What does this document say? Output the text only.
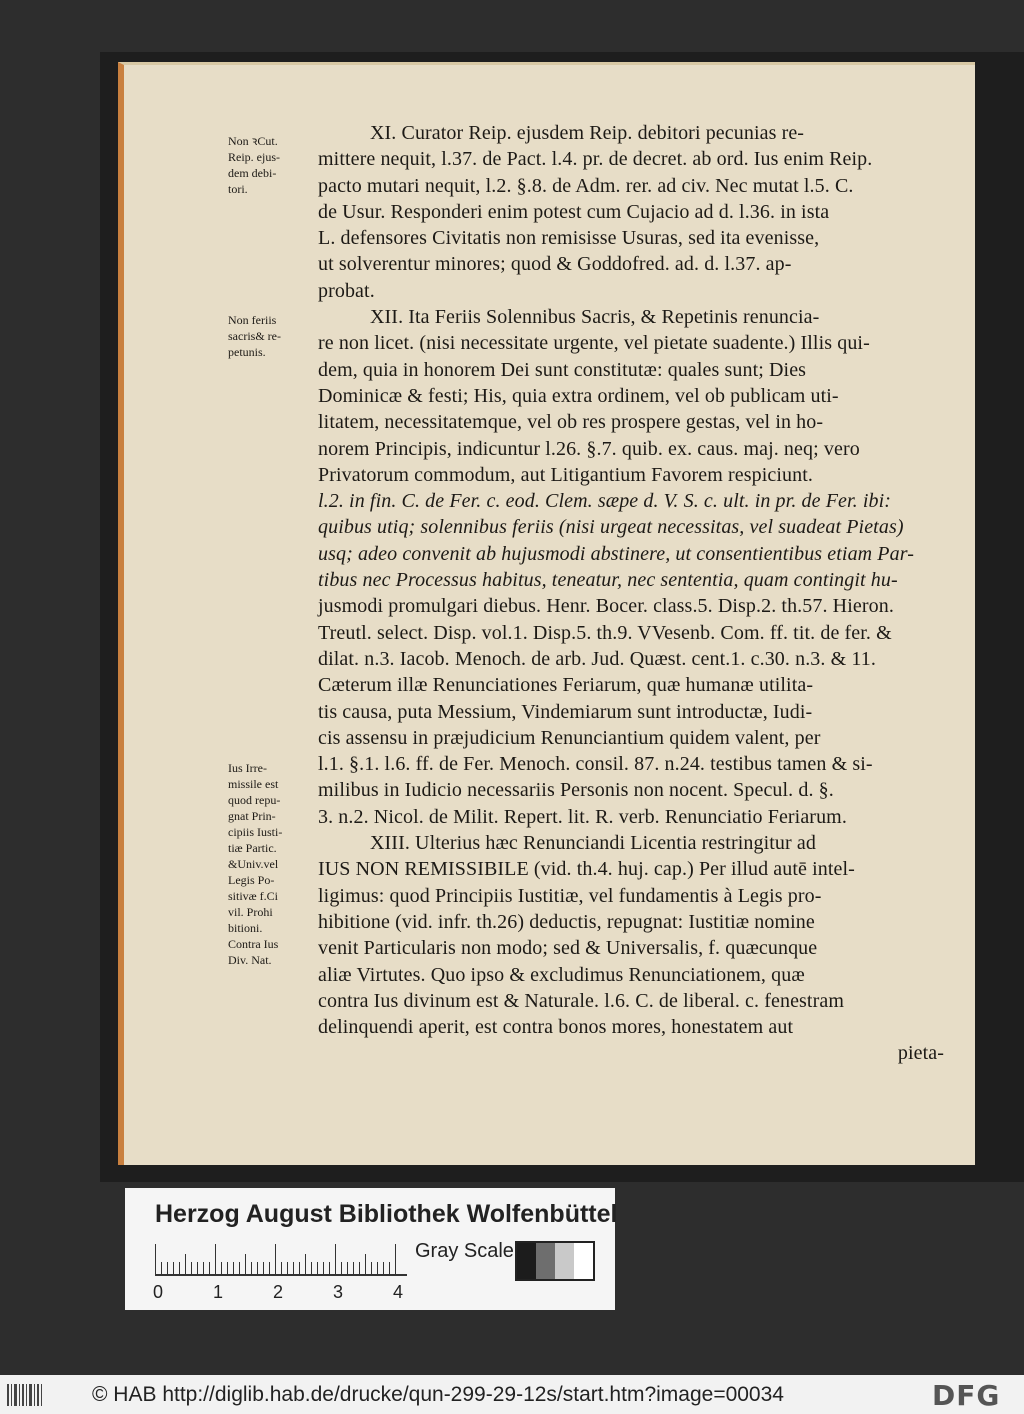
Non ꝛCut.
Reip. ejus-
dem debi-
tori.
Non feriis
sacris& re-
petunis.
Ius Irre-
missile est
quod repu-
gnat Prin-
cipiis Iusti-
tiæ Partic.
&Univ.vel
Legis Po-
sitivæ f.Ci
vil. Prohi
bitioni.
Contra Ius
Div. Nat.

XI. Curator Reip. ejusdem Reip. debitori pecunias re-
mittere nequit, l.37. de Pact. l.4. pr. de decret. ab ord. Ius enim Reip.
pacto mutari nequit, l.2. §.8. de Adm. rer. ad civ. Nec mutat l.5. C.
de Usur. Responderi enim potest cum Cujacio ad d. l.36. in ista
L. defensores Civitatis non remisisse Usuras, sed ita evenisse,
ut solverentur minores; quod & Goddofred. ad. d. l.37. ap-
probat.

XII. Ita Feriis Solennibus Sacris, & Repetinis renuncia-
re non licet. (nisi necessitate urgente, vel pietate suadente.) Illis qui-
dem, quia in honorem Dei sunt constitutæ: quales sunt; Dies
Dominicæ & festi; His, quia extra ordinem, vel ob publicam uti-
litatem, necessitatemque, vel ob res prospere gestas, vel in ho-
norem Principis, indicuntur l.26. §.7. quib. ex. caus. maj. neq; vero
Privatorum commodum, aut Litigantium Favorem respiciunt.
l.2. in fin. C. de Fer. c. eod. Clem. sæpe d. V. S. c. ult. in pr. de Fer. ibi:
quibus utiq; solennibus feriis (nisi urgeat necessitas, vel suadeat Pietas)
usq; adeo convenit ab hujusmodi abstinere, ut consentientibus etiam Par-
tibus nec Processus habitus, teneatur, nec sententia, quam contingit hu-
jusmodi promulgari diebus. Henr. Bocer. class.5. Disp.2. th.57. Hieron.
Treutl. select. Disp. vol.1. Disp.5. th.9. VVesenb. Com. ff. tit. de fer. &
dilat. n.3. Iacob. Menoch. de arb. Jud. Quæst. cent.1. c.30. n.3. & 11.
Cæterum illæ Renunciationes Feriarum, quæ humanæ utilita-
tis causa, puta Messium, Vindemiarum sunt introductæ, Iudi-
cis assensu in præjudicium Renunciantium quidem valent, per
l.1. §.1. l.6. ff. de Fer. Menoch. consil. 87. n.24. testibus tamen & si-
milibus in Iudicio necessariis Personis non nocent. Specul. d. §.
3. n.2. Nicol. de Milit. Repert. lit. R. verb. Renunciatio Feriarum.

XIII. Ulterius hæc Renunciandi Licentia restringitur ad
IUS NON REMISSIBILE (vid. th.4. huj. cap.) Per illud autē intel-
ligimus: quod Principiis Iustitiæ, vel fundamentis à Legis pro-
hibitione (vid. infr. th.26) deductis, repugnat: Iustitiæ nomine
venit Particularis non modo; sed & Universalis, f. quæcunque
aliæ Virtutes. Quo ipso & excludimus Renunciationem, quæ
contra Ius divinum est & Naturale. l.6. C. de liberal. c. fenestram
delinquendi aperit, est contra bonos mores, honestatem aut

pieta-
Herzog August Bibliothek Wolfenbüttel
0	1	2	3	4
Gray Scale
© HAB http://diglib.hab.de/drucke/qun-299-29-12s/start.htm?image=00034	DFG
